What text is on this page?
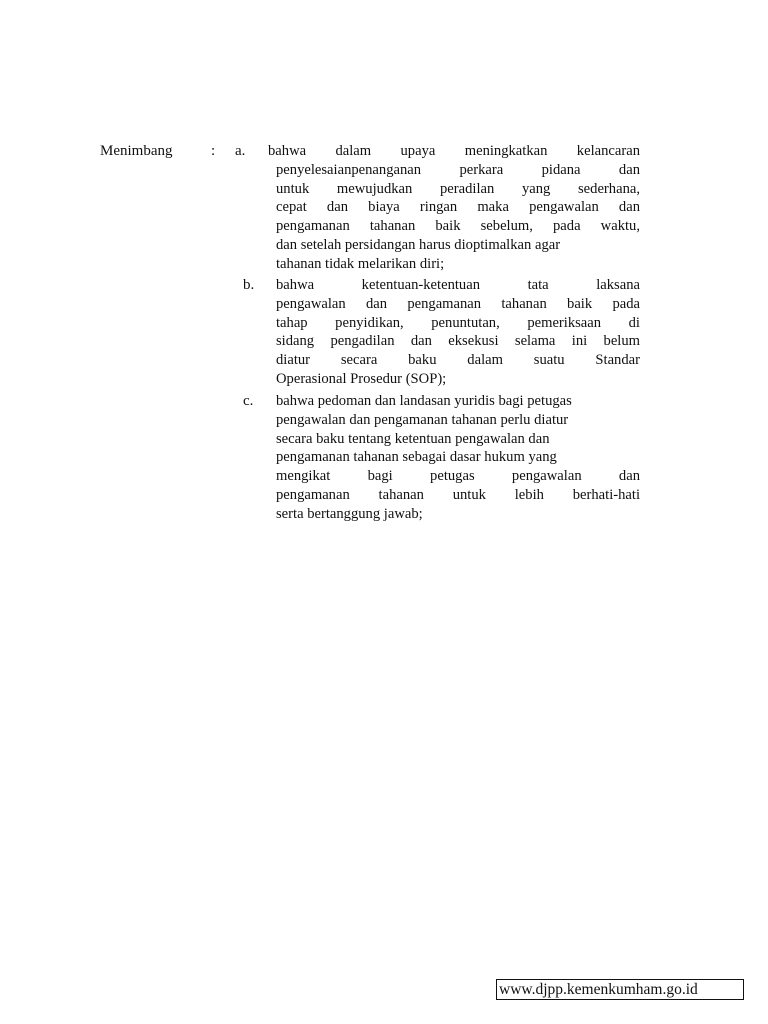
Menimbang	: a. bahwa dalam upaya meningkatkan kelancaran
penyelesaianpenanganan perkara pidana dan
untuk mewujudkan peradilan yang sederhana,
cepat dan biaya ringan maka pengawalan dan
pengamanan tahanan baik sebelum, pada waktu,
dan setelah persidangan harus dioptimalkan agar
tahanan tidak melarikan diri;
b. bahwa ketentuan-ketentuan tata laksana
pengawalan dan pengamanan tahanan baik pada
tahap penyidikan, penuntutan, pemeriksaan di
sidang pengadilan dan eksekusi selama ini belum
diatur secara baku dalam suatu Standar
Operasional Prosedur (SOP);
c. bahwa pedoman dan landasan yuridis bagi petugas
pengawalan dan pengamanan tahanan perlu diatur
secara baku tentang ketentuan pengawalan dan
pengamanan tahanan sebagai dasar hukum yang
mengikat bagi petugas pengawalan dan
pengamanan tahanan untuk lebih berhati-hati
serta bertanggung jawab;
www.djpp.kemenkumham.go.id
